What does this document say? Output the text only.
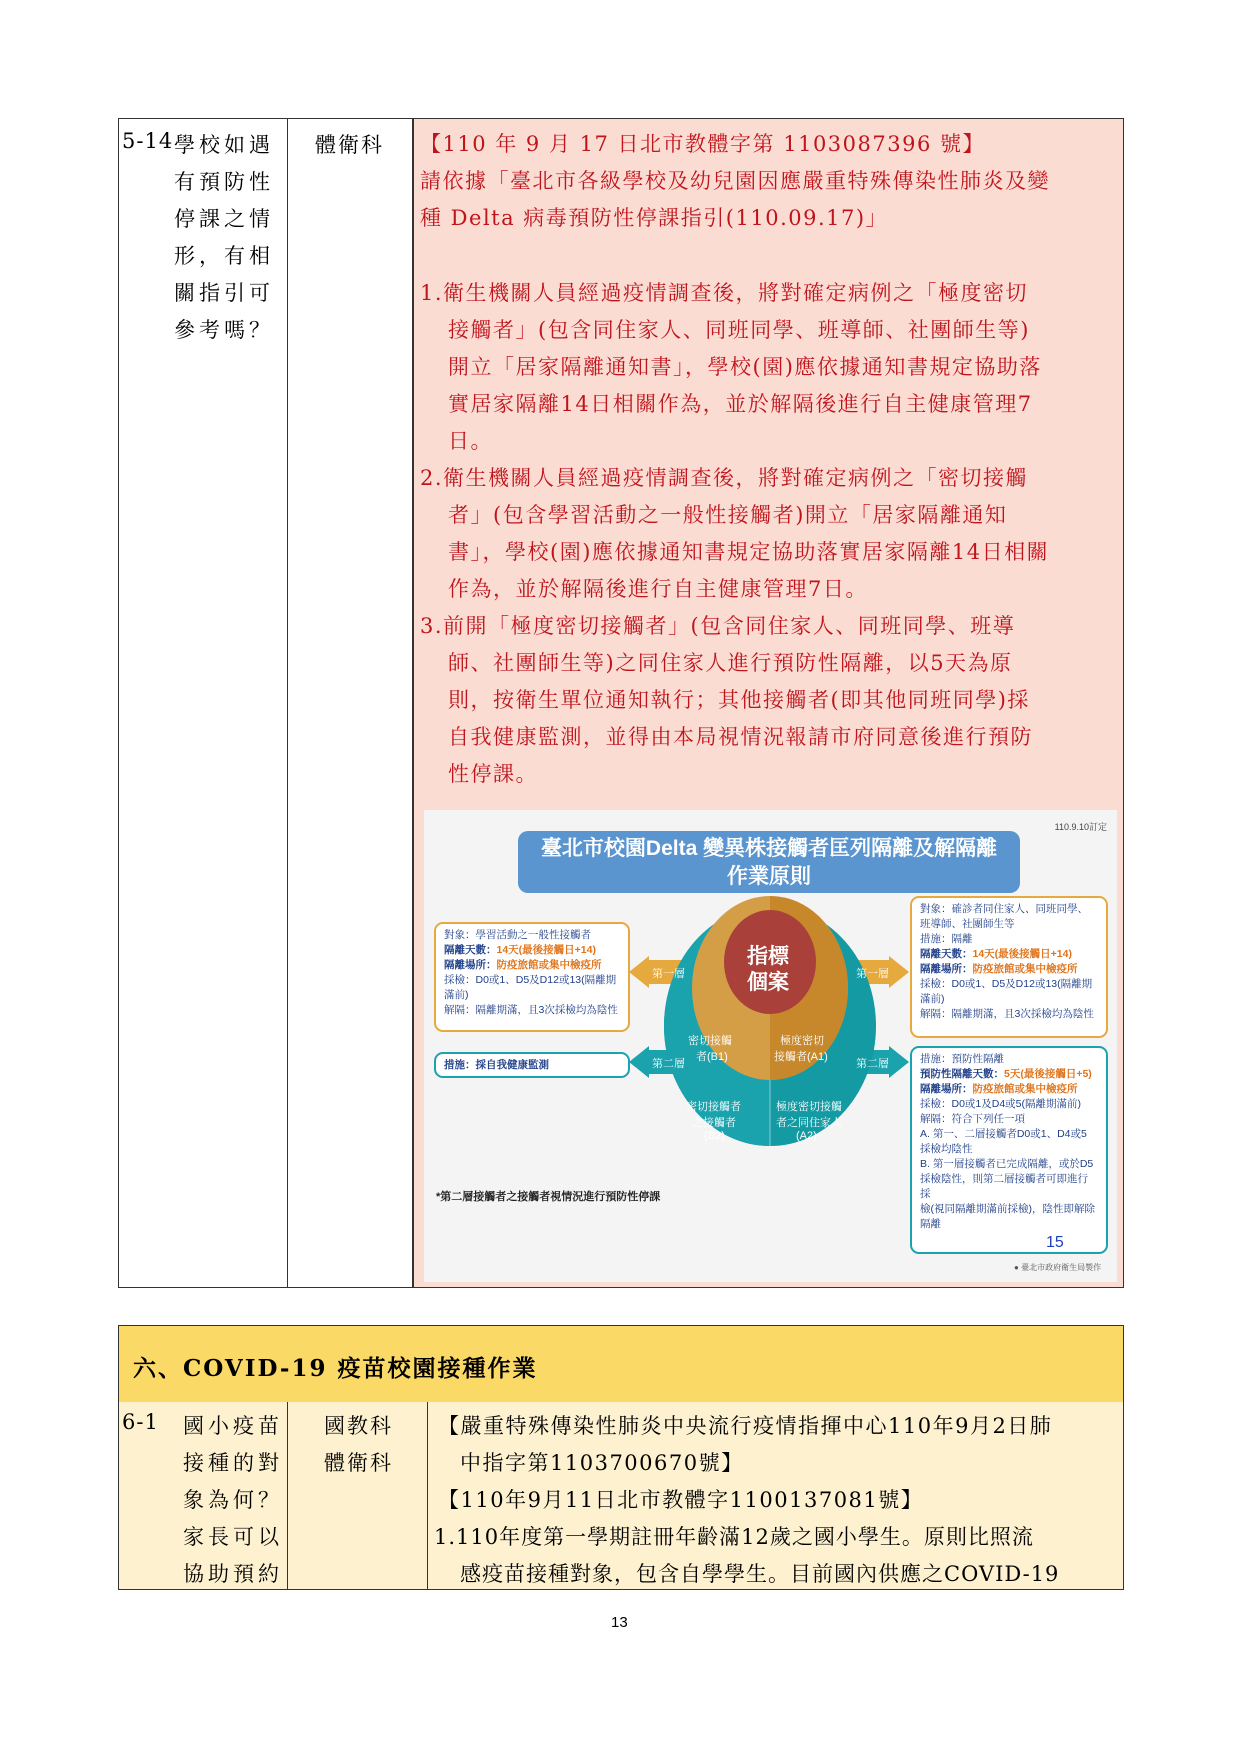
5-14 學校如遇
有預防性
停課之情
形，有相
關指引可
參考嗎？
體衛科 【110 年 9 月 17 日北市教體字第 1103087396 號】
請依據「臺北市各級學校及幼兒園因應嚴重特殊傳染性肺炎及變
種 Delta 病毒預防性停課指引(110.09.17)」
1.衛生機關人員經過疫情調查後，將對確定病例之「極度密切
接觸者」(包含同住家人、同班同學、班導師、社團師生等)
開立「居家隔離通知書」，學校(園)應依據通知書規定協助落
實居家隔離14日相關作為，並於解隔後進行自主健康管理7
日。
2.衛生機關人員經過疫情調查後，將對確定病例之「密切接觸
者」(包含學習活動之一般性接觸者)開立「居家隔離通知
書」，學校(園)應依據通知書規定協助落實居家隔離14日相關
作為，並於解隔後進行自主健康管理7日。
3.前開「極度密切接觸者」(包含同住家人、同班同學、班導
師、社團師生等)之同住家人進行預防性隔離，以5天為原
則，按衛生單位通知執行；其他接觸者(即其他同班同學)採
自我健康監測，並得由本局視情況報請市府同意後進行預防
性停課。
110.9.10訂定
臺北市校園Delta 變異株接觸者匡列隔離及解隔離
作業原則
指標
個案
密切接觸
者(B1)
極度密切
接觸者(A1)
密切接觸者
之接觸者
(B2)
極度密切接觸
者之同住家人
(A2)
第一層	第一層
第二層	第二層
對象：學習活動之一般性接觸者
隔離天數：14天(最後接觸日+14)
隔離場所：防疫旅館或集中檢疫所
採檢：D0或1、D5及D12或13(隔離期
滿前)
解隔：隔離期滿，且3次採檢均為陰性
措施：採自我健康監測
對象：確診者同住家人、同班同學、
班導師、社團師生等
措施：隔離
隔離天數：14天(最後接觸日+14)
隔離場所：防疫旅館或集中檢疫所
採檢：D0或1、D5及D12或13(隔離期
滿前)
解隔：隔離期滿，且3次採檢均為陰性
措施：預防性隔離
預防性隔離天數：5天(最後接觸日+5)
隔離場所：防疫旅館或集中檢疫所
採檢：D0或1及D4或5(隔離期滿前)
解隔：符合下列任一項
A. 第一、二層接觸者D0或1、D4或5
採檢均陰性
B. 第一層接觸者已完成隔離，或於D5
採檢陰性，則第二層接觸者可即進行採
檢(視同隔離期滿前採檢)，陰性即解除
隔離
*第二層接觸者之接觸者視情況進行預防性停課
15
● 臺北市政府衛生局製作
六、COVID-19 疫苗校園接種作業
6-1 國小疫苗
接種的對
象為何？
家長可以
協助預約
國教科
體衛科
【嚴重特殊傳染性肺炎中央流行疫情指揮中心110年9月2日肺
中指字第1103700670號】
【110年9月11日北市教體字1100137081號】
1.110年度第一學期註冊年齡滿12歲之國小學生。原則比照流
感疫苗接種對象，包含自學學生。目前國內供應之COVID-19
13
